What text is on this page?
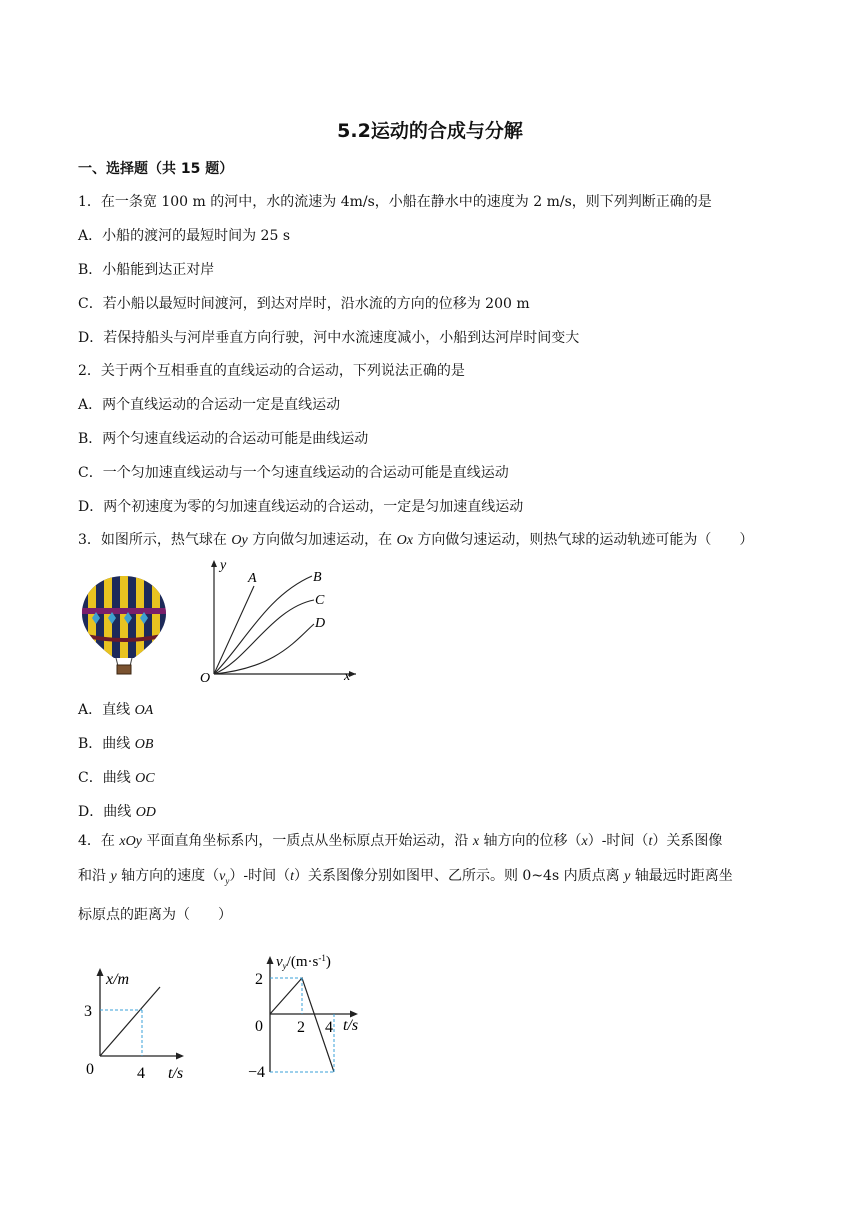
5.2运动的合成与分解
一、选择题（共 15 题）
1．在一条宽 100 m 的河中，水的流速为 4m/s，小船在静水中的速度为 2 m/s，则下列判断正确的是
A．小船的渡河的最短时间为 25 s
B．小船能到达正对岸
C．若小船以最短时间渡河，到达对岸时，沿水流的方向的位移为 200 m
D．若保持船头与河岸垂直方向行驶，河中水流速度减小，小船到达河岸时间变大
2．关于两个互相垂直的直线运动的合运动，下列说法正确的是
A．两个直线运动的合运动一定是直线运动
B．两个匀速直线运动的合运动可能是曲线运动
C．一个匀加速直线运动与一个匀速直线运动的合运动可能是直线运动
D．两个初速度为零的匀加速直线运动的合运动，一定是匀加速直线运动
3．如图所示，热气球在 Oy 方向做匀加速运动，在 Ox 方向做匀速运动，则热气球的运动轨迹可能为（　　）
y
x
O
A	B
C
D
A．直线 OA
B．曲线 OB
C．曲线 OC
D．曲线 OD
4．在 xOy 平面直角坐标系内，一质点从坐标原点开始运动，沿 x 轴方向的位移（x）-时间（t）关系图像
和沿 y 轴方向的速度$(v_y)-$时间（t）关系图像分别如图甲、乙所示。则 0~4s 内质点离 y 轴最远时距离坐
标原点的距离为（　　）
x/m
3
0	4 t/s
$v_y/(m\cdot s^{-1})$
2
−4
0 2 4 t/s
